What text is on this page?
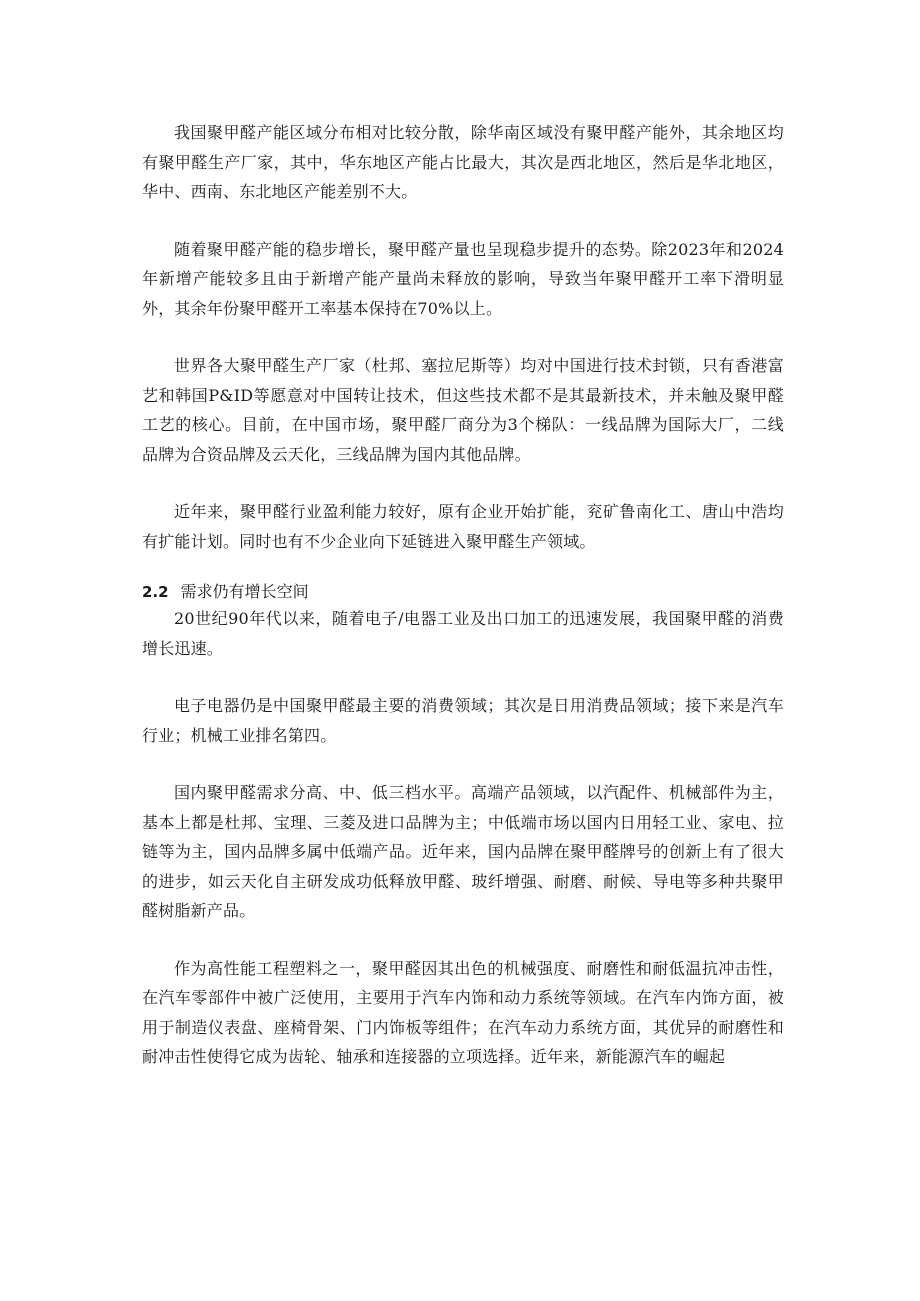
我国聚甲醛产能区域分布相对比较分散，除华南区域没有聚甲醛产能外，其余地区均有聚甲醛生产厂家，其中，华东地区产能占比最大，其次是西北地区，然后是华北地区，华中、西南、东北地区产能差别不大。

随着聚甲醛产能的稳步增长，聚甲醛产量也呈现稳步提升的态势。除2023年和2024年新增产能较多且由于新增产能产量尚未释放的影响，导致当年聚甲醛开工率下滑明显外，其余年份聚甲醛开工率基本保持在70%以上。

世界各大聚甲醛生产厂家（杜邦、塞拉尼斯等）均对中国进行技术封锁，只有香港富艺和韩国P&ID等愿意对中国转让技术，但这些技术都不是其最新技术，并未触及聚甲醛工艺的核心。目前，在中国市场，聚甲醛厂商分为3个梯队：一线品牌为国际大厂，二线品牌为合资品牌及云天化，三线品牌为国内其他品牌。

近年来，聚甲醛行业盈利能力较好，原有企业开始扩能，兖矿鲁南化工、唐山中浩均有扩能计划。同时也有不少企业向下延链进入聚甲醛生产领域。

2.2 需求仍有增长空间

20世纪90年代以来，随着电子/电器工业及出口加工的迅速发展，我国聚甲醛的消费增长迅速。

电子电器仍是中国聚甲醛最主要的消费领域；其次是日用消费品领域；接下来是汽车行业；机械工业排名第四。

国内聚甲醛需求分高、中、低三档水平。高端产品领域，以汽配件、机械部件为主，基本上都是杜邦、宝理、三菱及进口品牌为主；中低端市场以国内日用轻工业、家电、拉链等为主，国内品牌多属中低端产品。近年来，国内品牌在聚甲醛牌号的创新上有了很大的进步，如云天化自主研发成功低释放甲醛、玻纤增强、耐磨、耐候、导电等多种共聚甲醛树脂新产品。

作为高性能工程塑料之一，聚甲醛因其出色的机械强度、耐磨性和耐低温抗冲击性，在汽车零部件中被广泛使用，主要用于汽车内饰和动力系统等领域。在汽车内饰方面，被用于制造仪表盘、座椅骨架、门内饰板等组件；在汽车动力系统方面，其优异的耐磨性和耐冲击性使得它成为齿轮、轴承和连接器的立项选择。近年来，新能源汽车的崛起
